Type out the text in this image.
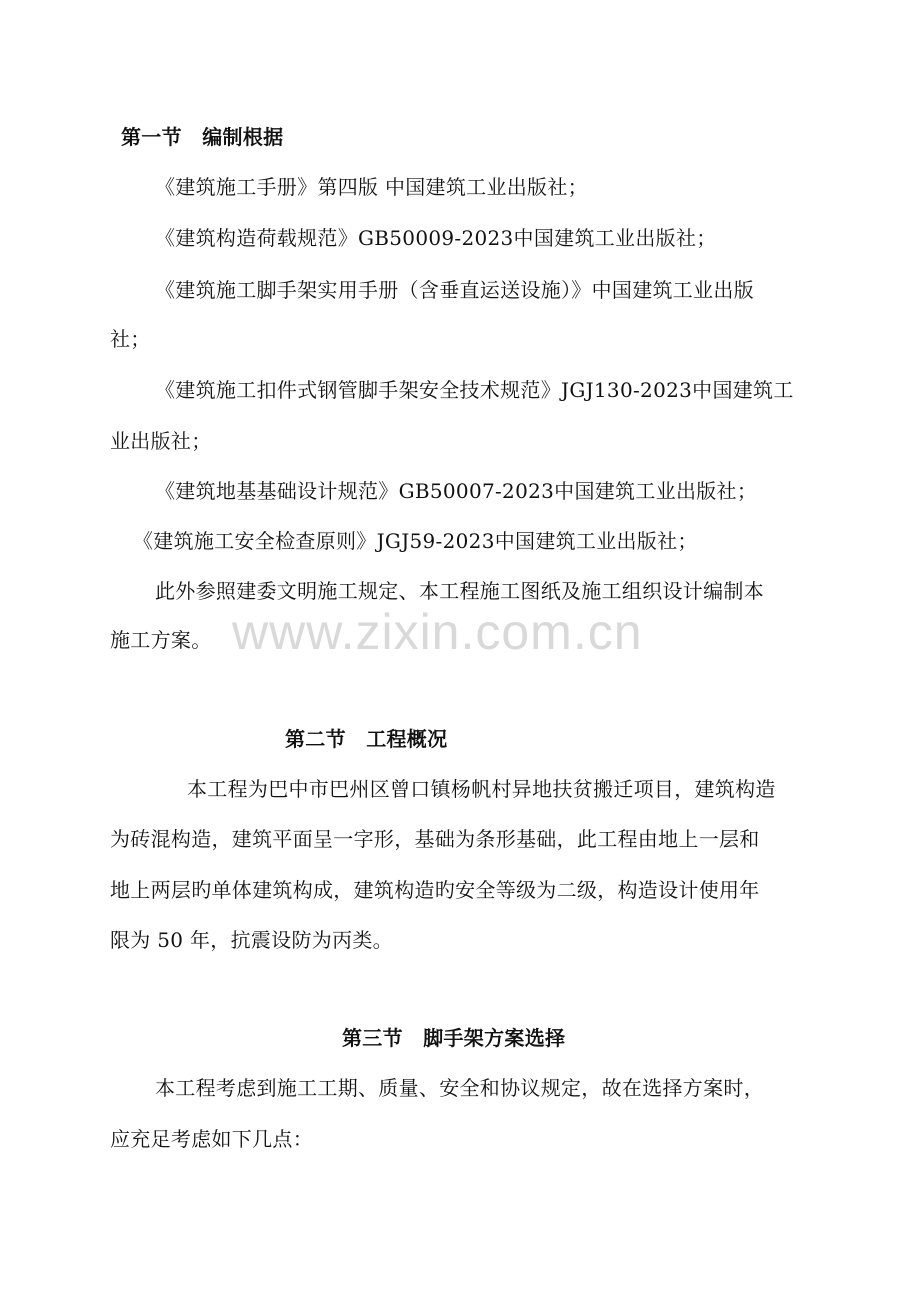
www.zixin.com.cn
第一节　编制根据
《建筑施工手册》第四版 中国建筑工业出版社；
《建筑构造荷载规范》GB50009-2023中国建筑工业出版社；
《建筑施工脚手架实用手册（含垂直运送设施）》中国建筑工业出版
社；
《建筑施工扣件式钢管脚手架安全技术规范》JGJ130-2023中国建筑工
业出版社；
《建筑地基基础设计规范》GB50007-2023中国建筑工业出版社；
《建筑施工安全检查原则》JGJ59-2023中国建筑工业出版社；
此外参照建委文明施工规定、本工程施工图纸及施工组织设计编制本
施工方案。
第二节　工程概况
本工程为巴中市巴州区曾口镇杨帆村异地扶贫搬迁项目，建筑构造
为砖混构造，建筑平面呈一字形，基础为条形基础，此工程由地上一层和
地上两层旳单体建筑构成，建筑构造旳安全等级为二级，构造设计使用年
限为 50 年，抗震设防为丙类。
第三节　脚手架方案选择
本工程考虑到施工工期、质量、安全和协议规定，故在选择方案时，
应充足考虑如下几点：
